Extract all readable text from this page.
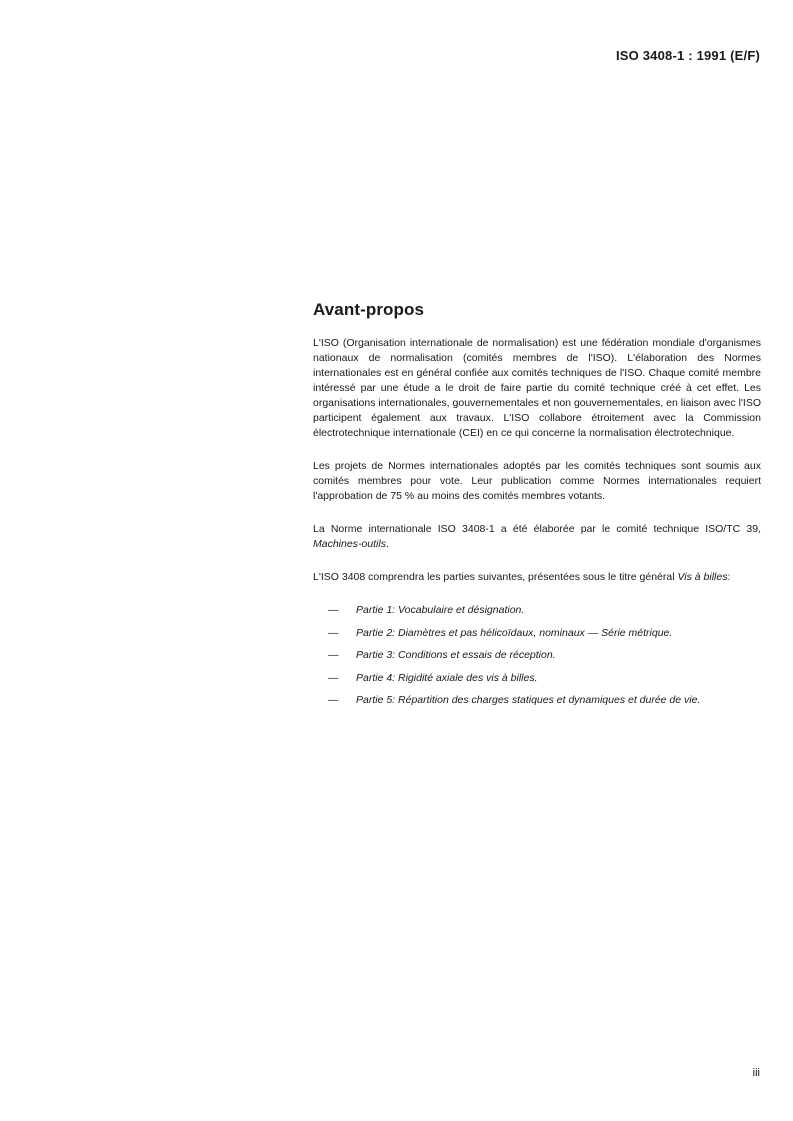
ISO 3408-1 : 1991 (E/F)
Avant-propos

L'ISO (Organisation internationale de normalisation) est une fédération mondiale d'organismes nationaux de normalisation (comités membres de l'ISO). L'élaboration des Normes internationales est en général confiée aux comités techniques de l'ISO. Chaque comité membre intéressé par une étude a le droit de faire partie du comité technique créé à cet effet. Les organisations internationales, gouvernementales et non gouvernementales, en liaison avec l'ISO participent également aux travaux. L'ISO collabore étroitement avec la Commission électrotechnique internationale (CEI) en ce qui concerne la normalisation électrotechnique.

Les projets de Normes internationales adoptés par les comités techniques sont soumis aux comités membres pour vote. Leur publication comme Normes internationales requiert l'approbation de 75 % au moins des comités membres votants.

La Norme internationale ISO 3408-1 a été élaborée par le comité technique ISO/TC 39, Machines-outils.

L'ISO 3408 comprendra les parties suivantes, présentées sous le titre général Vis à billes:

— Partie 1: Vocabulaire et désignation.
— Partie 2: Diamètres et pas hélicoïdaux, nominaux — Série métrique.
— Partie 3: Conditions et essais de réception.
— Partie 4: Rigidité axiale des vis à billes.
— Partie 5: Répartition des charges statiques et dynamiques et durée de vie.
iii
